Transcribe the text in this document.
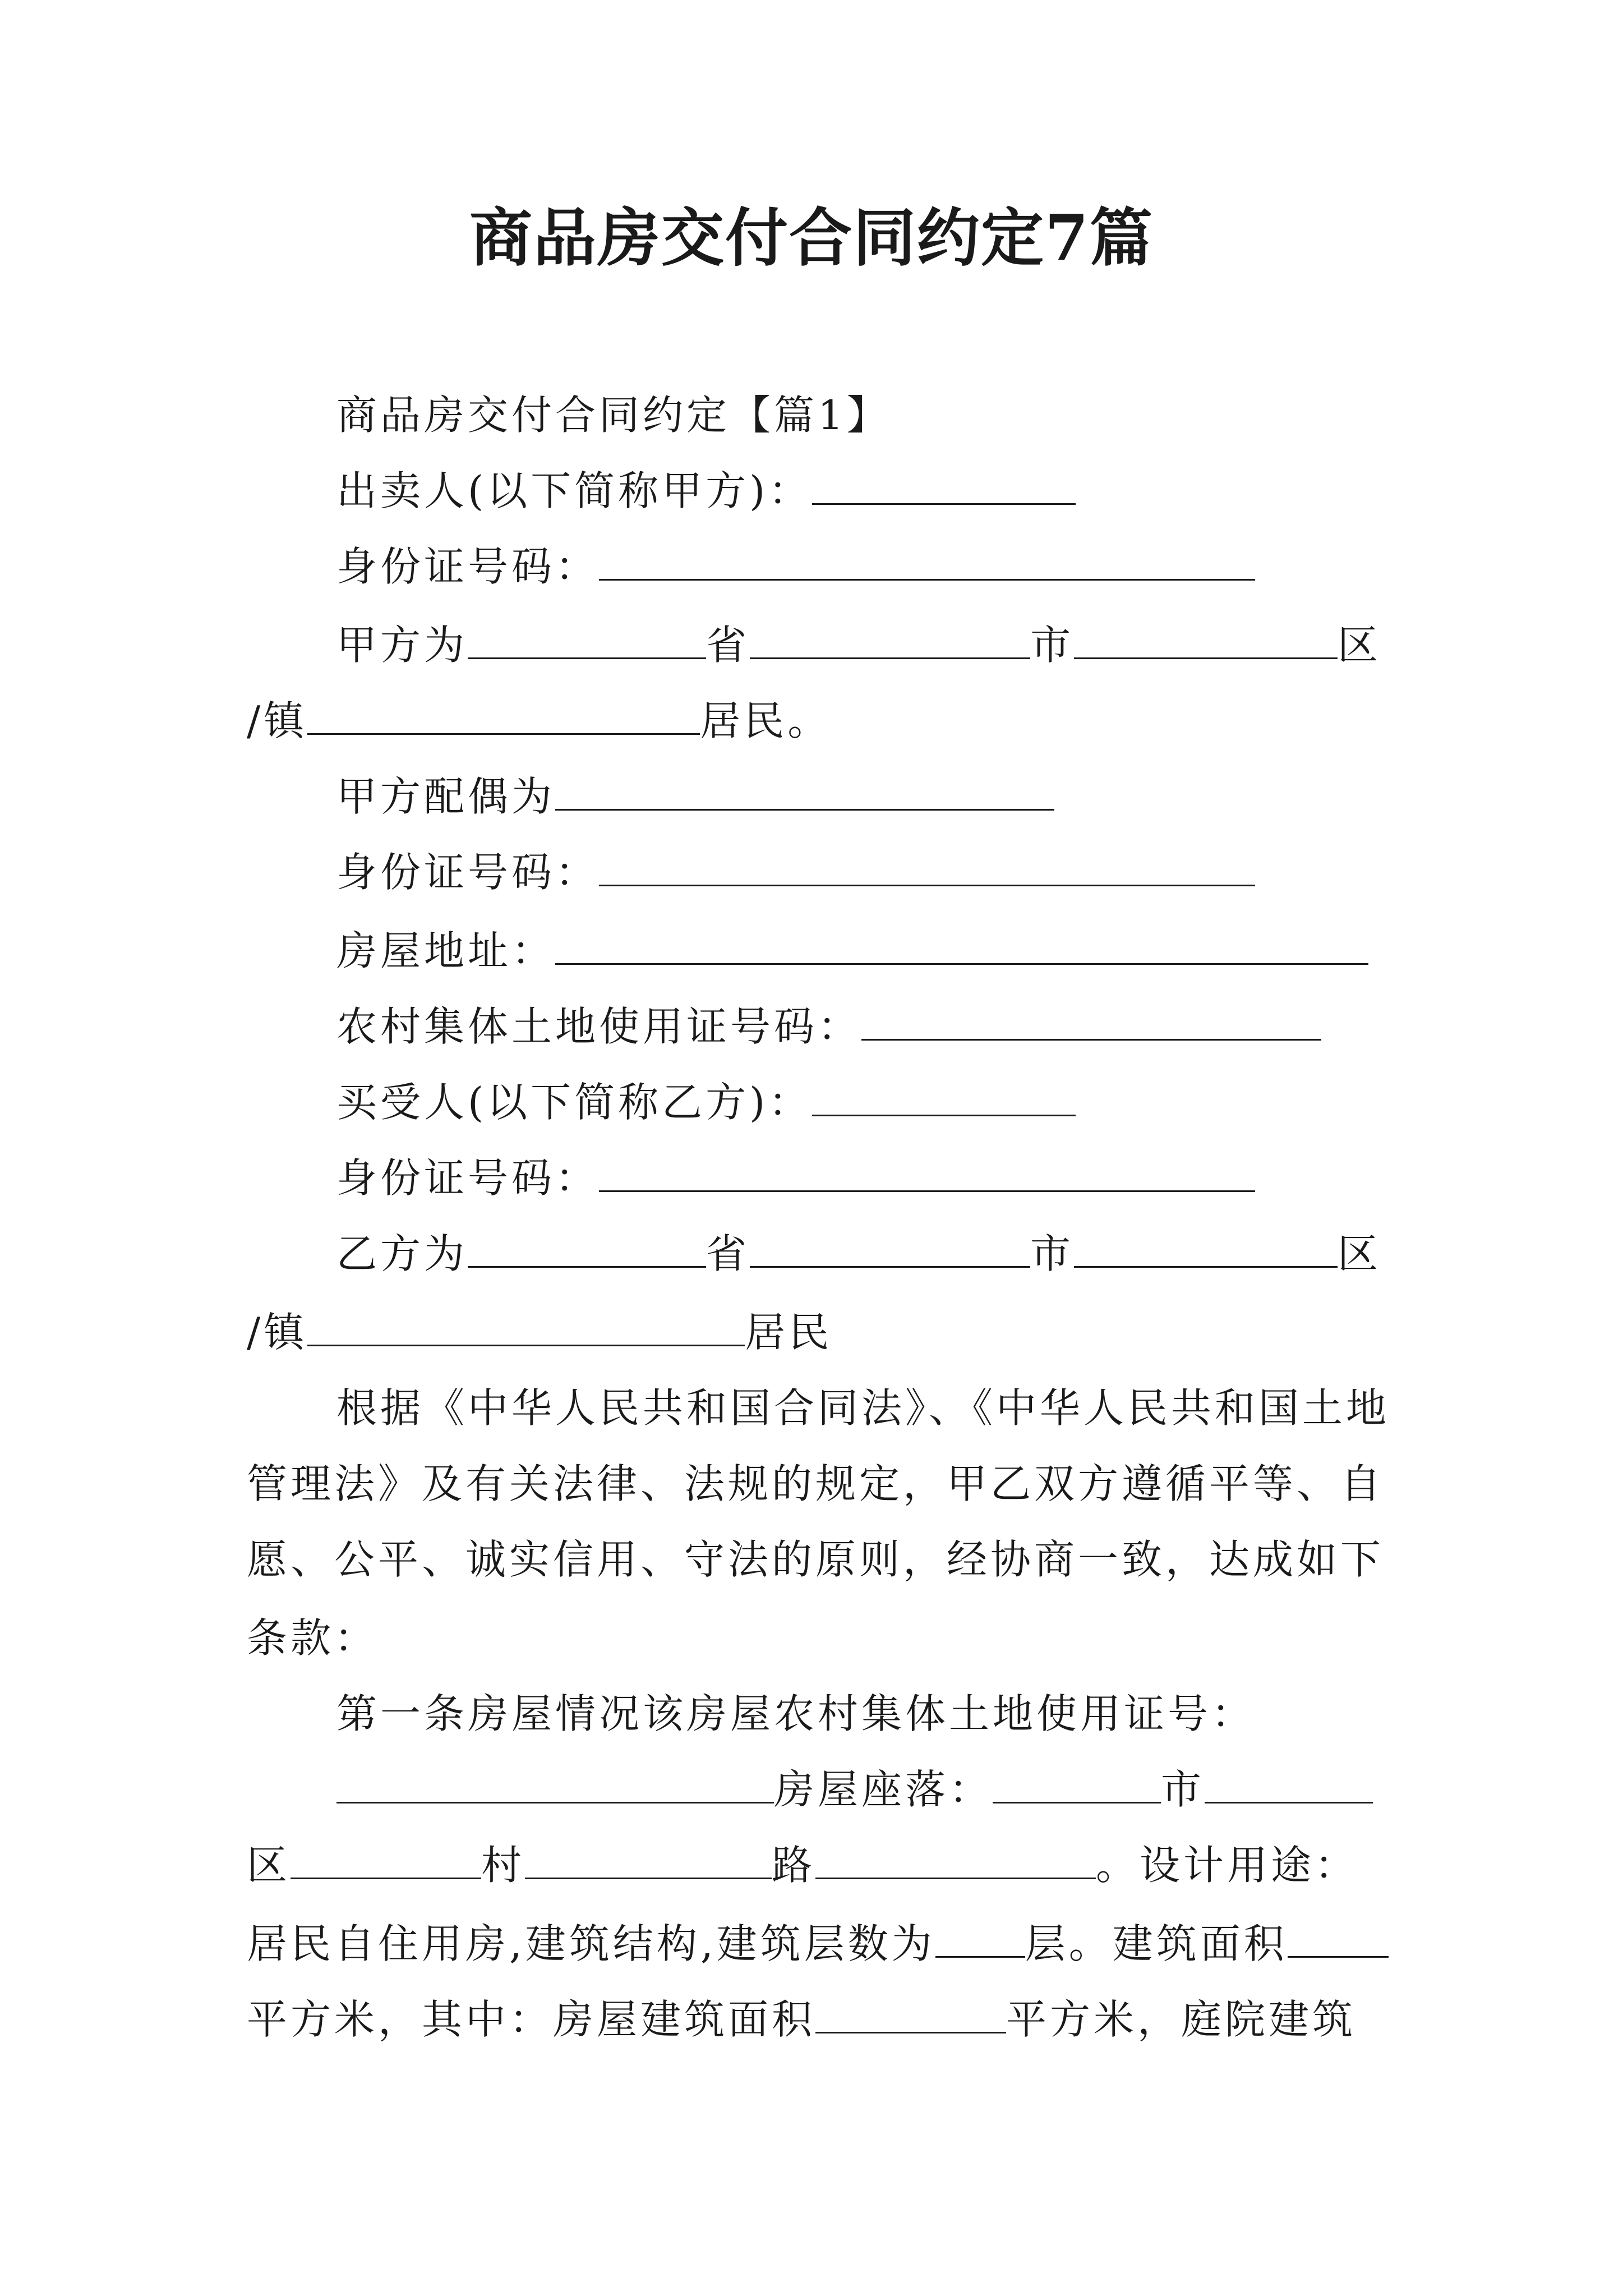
商品房交付合同约定7篇
商品房交付合同约定【篇1】
出卖人(以下简称甲方)：
身份证号码：
甲方为	省	市	区
/镇	居民。
甲方配偶为
身份证号码：
房屋地址：
农村集体土地使用证号码：
买受人(以下简称乙方)：
身份证号码：
乙方为	省	市	区
/镇	居民
根据《中华人民共和国合同法》、《中华人民共和国土地
管理法》及有关法律、法规的规定，甲乙双方遵循平等、自
愿、公平、诚实信用、守法的原则，经协商一致，达成如下
条款：
第一条房屋情况该房屋农村集体土地使用证号：
房屋座落：	市
区	村	路	。设计用途：
居民自住用房,建筑结构,建筑层数为 层。建筑面积
平方米，其中：房屋建筑面积	平方米，庭院建筑
